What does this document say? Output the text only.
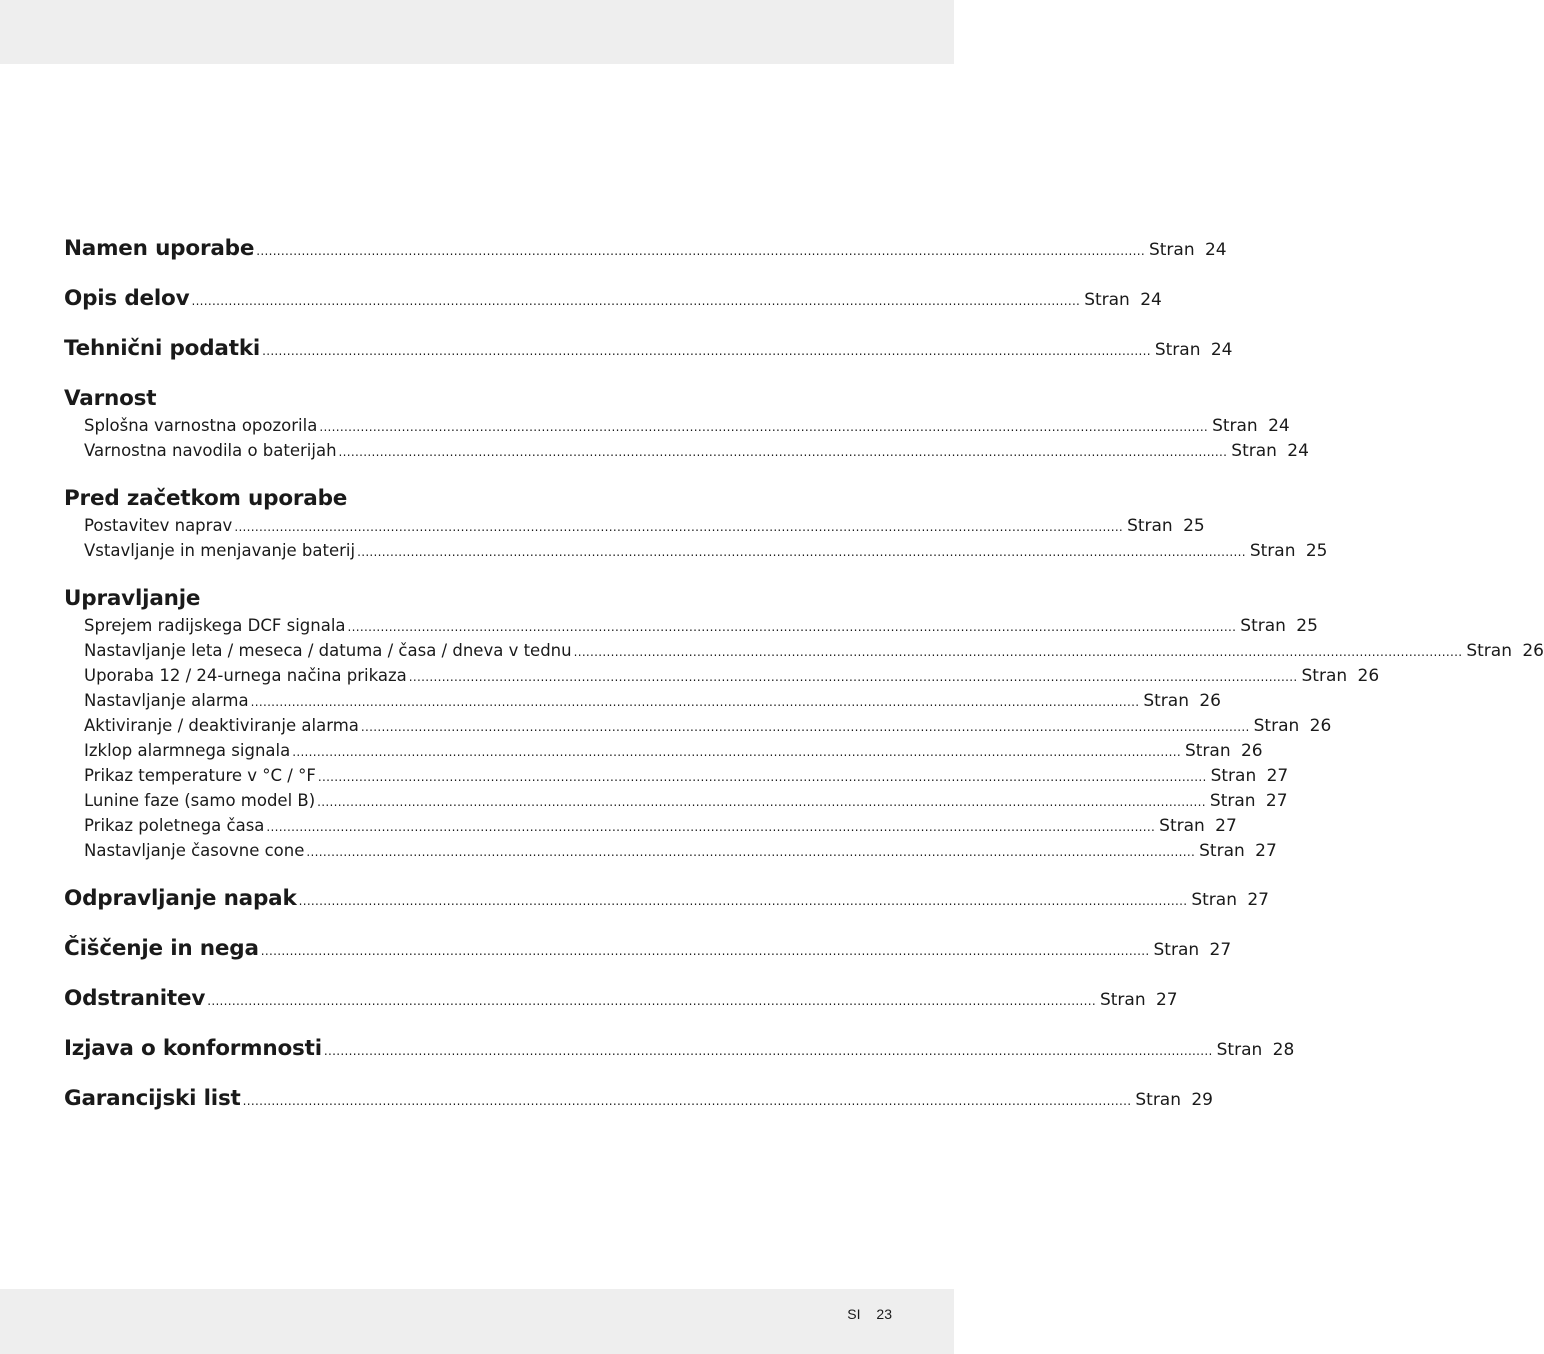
Namen uporabe ........................................................................................................................................................................................................................ Stran 24
Opis delov ........................................................................................................................................................................................................................ Stran 24
Tehnični podatki ........................................................................................................................................................................................................................ Stran 24
Varnost
Splošna varnostna opozorila ........................................................................................................................................................................................................................ Stran 24
Varnostna navodila o baterijah ........................................................................................................................................................................................................................ Stran 24
Pred začetkom uporabe
Postavitev naprav ........................................................................................................................................................................................................................ Stran 25
Vstavljanje in menjavanje baterij ........................................................................................................................................................................................................................ Stran 25
Upravljanje
Sprejem radijskega DCF signala ........................................................................................................................................................................................................................ Stran 25
Nastavljanje leta / meseca / datuma / časa / dneva v tednu ........................................................................................................................................................................................................................ Stran 26
Uporaba 12 / 24-urnega načina prikaza ........................................................................................................................................................................................................................ Stran 26
Nastavljanje alarma ........................................................................................................................................................................................................................ Stran 26
Aktiviranje / deaktiviranje alarma ........................................................................................................................................................................................................................ Stran 26
Izklop alarmnega signala ........................................................................................................................................................................................................................ Stran 26
Prikaz temperature v °C / °F ........................................................................................................................................................................................................................ Stran 27
Lunine faze (samo model B) ........................................................................................................................................................................................................................ Stran 27
Prikaz poletnega časa ........................................................................................................................................................................................................................ Stran 27
Nastavljanje časovne cone ........................................................................................................................................................................................................................ Stran 27
Odpravljanje napak ........................................................................................................................................................................................................................ Stran 27
Čiščenje in nega ........................................................................................................................................................................................................................ Stran 27
Odstranitev ........................................................................................................................................................................................................................ Stran 27
Izjava o konformnosti ........................................................................................................................................................................................................................ Stran 28
Garancijski list ........................................................................................................................................................................................................................ Stran 29
SI 23
